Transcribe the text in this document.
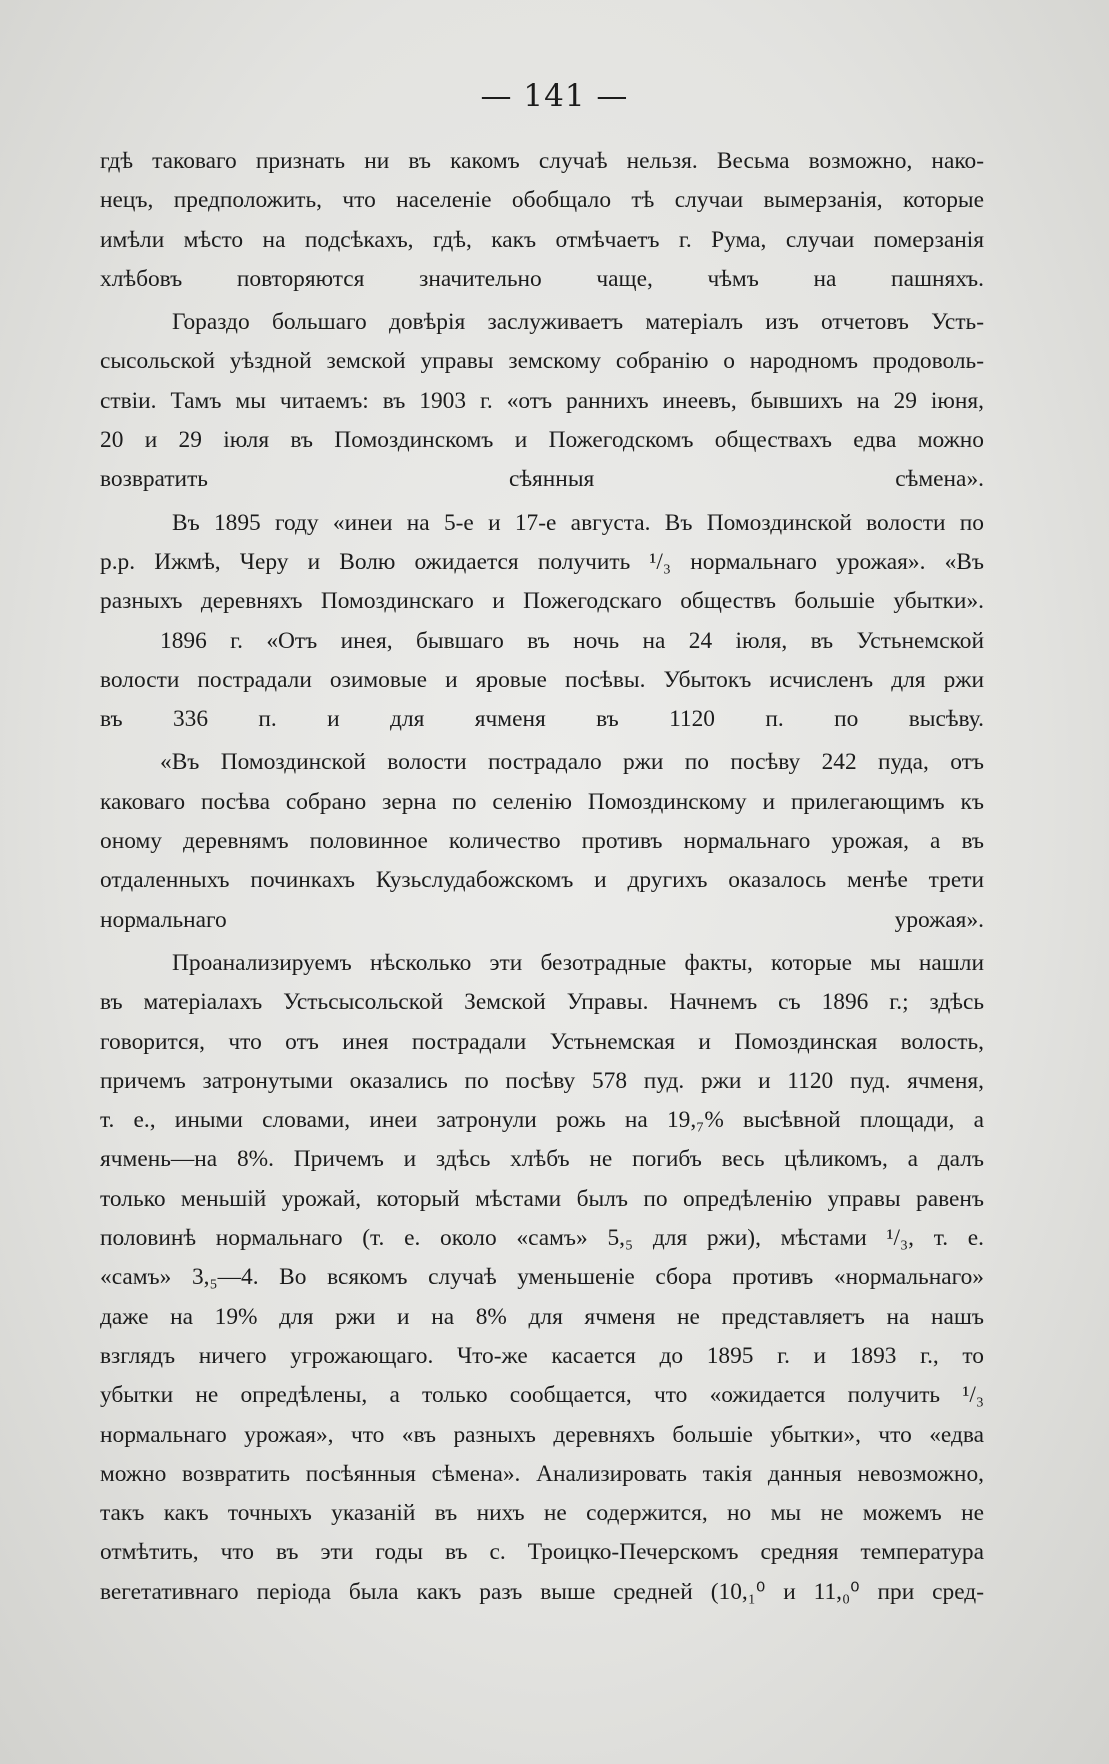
— 141 —

гдѣ таковаго признать ни въ какомъ случаѣ нельзя. Весьма возможно, нако-
нецъ, предположить, что населеніе обобщало тѣ случаи вымерзанія, которые
имѣли мѣсто на подсѣкахъ, гдѣ, какъ отмѣчаетъ г. Рума, случаи померзанія
хлѣбовъ повторяются значительно чаще, чѣмъ на пашняхъ.

Гораздо большаго довѣрія заслуживаетъ матеріалъ изъ отчетовъ Усть-
сысольской уѣздной земской управы земскому собранію о народномъ продоволь-
ствіи. Тамъ мы читаемъ: въ 1903 г. «отъ раннихъ инеевъ, бывшихъ на 29 іюня,
20 и 29 іюля въ Помоздинскомъ и Пожегодскомъ обществахъ едва можно
возвратить сѣянныя сѣмена».

Въ 1895 году «инеи на 5-е и 17-е августа. Въ Помоздинской волости по
р.р. Ижмѣ, Черу и Волю ожидается получить ¹/₃ нормальнаго урожая». «Въ
разныхъ деревняхъ Помоздинскаго и Пожегодскаго обществъ большіе убытки».

1896 г. «Отъ инея, бывшаго въ ночь на 24 іюля, въ Устьнемской
волости пострадали озимовые и яровые посѣвы. Убытокъ исчисленъ для ржи
въ 336 п. и для ячменя въ 1120 п. по высѣву.

«Въ Помоздинской волости пострадало ржи по посѣву 242 пуда, отъ
каковаго посѣва собрано зерна по селенію Помоздинскому и прилегающимъ къ
оному деревнямъ половинное количество противъ нормальнаго урожая, а въ
отдаленныхъ починкахъ Кузьслудабожскомъ и другихъ оказалось менѣе трети
нормальнаго урожая».

Проанализируемъ нѣсколько эти безотрадные факты, которые мы нашли
въ матеріалахъ Устьсысольской Земской Управы. Начнемъ съ 1896 г.; здѣсь
говорится, что отъ инея пострадали Устьнемская и Помоздинская волость,
причемъ затронутыми оказались по посѣву 578 пуд. ржи и 1120 пуд. ячменя,
т. е., иными словами, инеи затронули рожь на 19,₇% высѣвной площади, а
ячмень—на 8%. Причемъ и здѣсь хлѣбъ не погибъ весь цѣликомъ, а далъ
только меньшій урожай, который мѣстами былъ по опредѣленію управы равенъ
половинѣ нормальнаго (т. е. около «самъ» 5,₅ для ржи), мѣстами ¹/₃, т. е.
«самъ» 3,₅—4. Во всякомъ случаѣ уменьшеніе сбора противъ «нормальнаго»
даже на 19% для ржи и на 8% для ячменя не представляетъ на нашъ
взглядъ ничего угрожающаго. Что-же касается до 1895 г. и 1893 г., то
убытки не опредѣлены, а только сообщается, что «ожидается получить ¹/₃
нормальнаго урожая», что «въ разныхъ деревняхъ большіе убытки», что «едва
можно возвратить посѣянныя сѣмена». Анализировать такія данныя невозможно,
такъ какъ точныхъ указаній въ нихъ не содержится, но мы не можемъ не
отмѣтить, что въ эти годы въ с. Троицко-Печерскомъ средняя температура
вегетативнаго періода была какъ разъ выше средней (10,₁⁰ и 11,₀⁰ при сред-
